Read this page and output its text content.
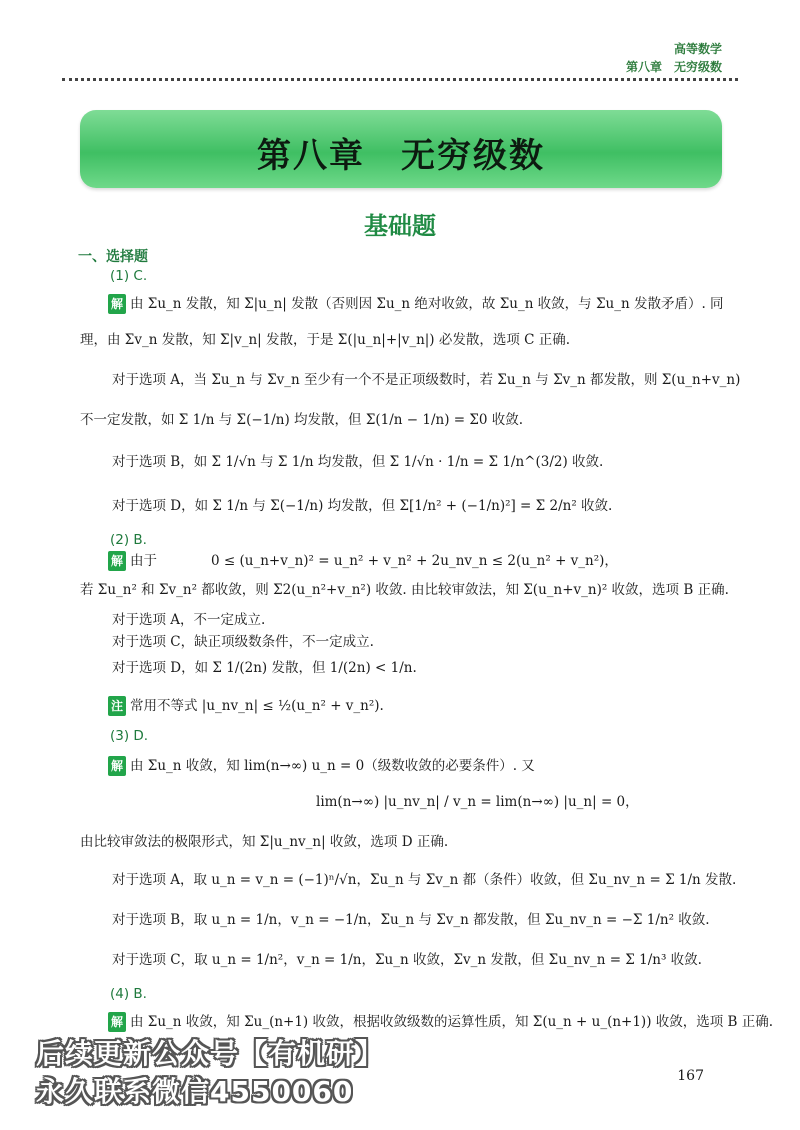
高等数学
第八章　无穷级数
第八章　无穷级数
基础题
一、选择题
(1) C.
解 由 Σu_n 发散，知 Σ|u_n| 发散（否则因 Σu_n 绝对收敛，故 Σu_n 收敛，与 Σu_n 发散矛盾）. 同
理，由 Σv_n 发散，知 Σ|v_n| 发散，于是 Σ(|u_n|+|v_n|) 必发散，选项 C 正确.
对于选项 A，当 Σu_n 与 Σv_n 至少有一个不是正项级数时，若 Σu_n 与 Σv_n 都发散，则 Σ(u_n+v_n)
不一定发散，如 Σ 1/n 与 Σ(−1/n) 均发散，但 Σ(1/n − 1/n) = Σ0 收敛.
对于选项 B，如 Σ 1/√n 与 Σ 1/n 均发散，但 Σ 1/√n · 1/n = Σ 1/n^(3/2) 收敛.
对于选项 D，如 Σ 1/n 与 Σ(−1/n) 均发散，但 Σ[1/n² + (−1/n)²] = Σ 2/n² 收敛.
(2) B.
解 由于　　　　0 ≤ (u_n+v_n)² = u_n² + v_n² + 2u_nv_n ≤ 2(u_n² + v_n²)，
若 Σu_n² 和 Σv_n² 都收敛，则 Σ2(u_n²+v_n²) 收敛. 由比较审敛法，知 Σ(u_n+v_n)² 收敛，选项 B 正确.
对于选项 A，不一定成立.
对于选项 C，缺正项级数条件，不一定成立.
对于选项 D，如 Σ 1/(2n) 发散，但 1/(2n) < 1/n.
注 常用不等式 |u_nv_n| ≤ ½(u_n² + v_n²).
(3) D.
解 由 Σu_n 收敛，知 lim(n→∞) u_n = 0（级数收敛的必要条件）. 又
lim(n→∞) |u_nv_n| / v_n = lim(n→∞) |u_n| = 0，
由比较审敛法的极限形式，知 Σ|u_nv_n| 收敛，选项 D 正确.
对于选项 A，取 u_n = v_n = (−1)ⁿ/√n，Σu_n 与 Σv_n 都（条件）收敛，但 Σu_nv_n = Σ 1/n 发散.
对于选项 B，取 u_n = 1/n，v_n = −1/n，Σu_n 与 Σv_n 都发散，但 Σu_nv_n = −Σ 1/n² 收敛.
对于选项 C，取 u_n = 1/n²，v_n = 1/n，Σu_n 收敛，Σv_n 发散，但 Σu_nv_n = Σ 1/n³ 收敛.
(4) B.
解 由 Σu_n 收敛，知 Σu_(n+1) 收敛，根据收敛级数的运算性质，知 Σ(u_n + u_(n+1)) 收敛，选项 B 正确.
167
后续更新公众号【有机研】
永久联系微信4550060
